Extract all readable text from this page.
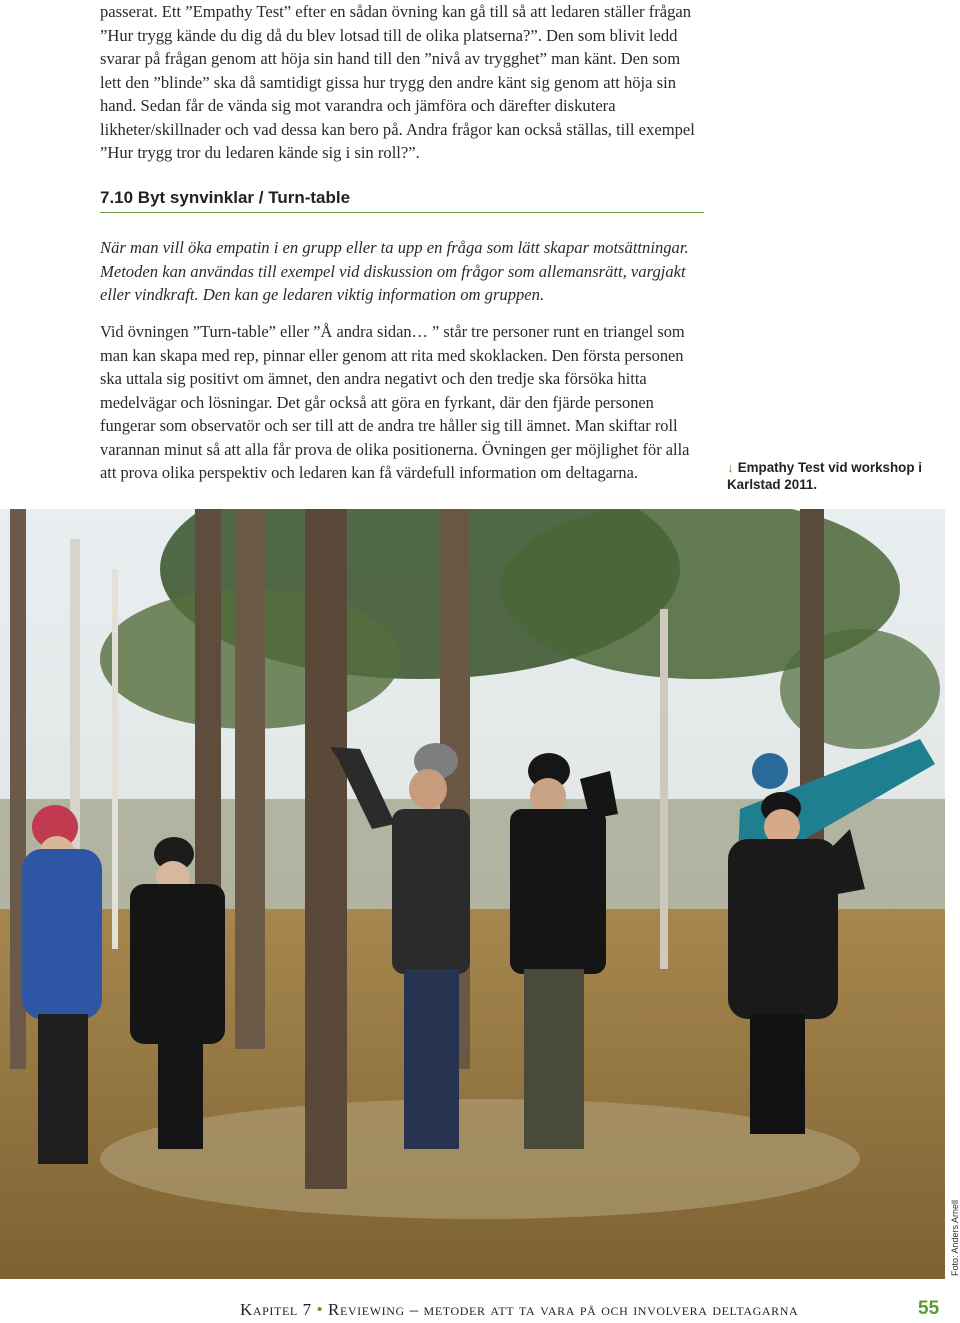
passerat. Ett ”Empathy Test” efter en sådan övning kan gå till så att ledaren ställer frågan ”Hur trygg kände du dig då du blev lotsad till de olika platserna?”. Den som blivit ledd svarar på frågan genom att höja sin hand till den ”nivå av trygghet” man känt. Den som lett den ”blinde” ska då samtidigt gissa hur trygg den andre känt sig genom att höja sin hand. Sedan får de vända sig mot varandra och jämföra och därefter diskutera likheter/skillnader och vad dessa kan bero på. Andra frågor kan också ställas, till exempel ”Hur trygg tror du ledaren kände sig i sin roll?”.

7.10 Byt synvinklar / Turn-table

När man vill öka empatin i en grupp eller ta upp en fråga som lätt skapar motsättningar. Metoden kan användas till exempel vid diskussion om frågor som allemansrätt, vargjakt eller vindkraft. Den kan ge ledaren viktig information om gruppen.

Vid övningen ”Turn-table” eller ”Å andra sidan… ” står tre personer runt en triangel som man kan skapa med rep, pinnar eller genom att rita med skoklacken. Den första personen ska uttala sig positivt om ämnet, den andra negativt och den tredje ska försöka hitta medelvägar och lösningar. Det går också att göra en fyrkant, där den fjärde personen fungerar som observatör och ser till att de andra tre håller sig till ämnet. Man skiftar roll varannan minut så att alla får prova de olika positionerna. Övningen ger möjlighet för alla att prova olika perspektiv och ledaren kan få värdefull information om deltagarna.	↓ Empathy Test vid workshop i Karlstad 2011.
Foto: Anders Arnell
Kapitel 7 • Reviewing – metoder att ta vara på och involvera deltagarna	55
